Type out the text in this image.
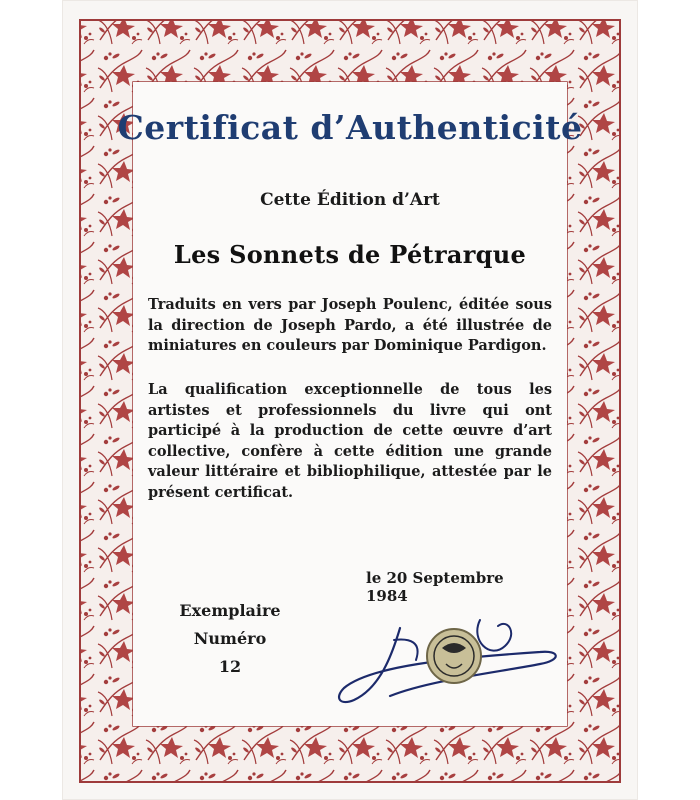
Certificat d’Authenticité
Cette Édition d’Art
Les Sonnets de Pétrarque
Traduits en vers par Joseph Poulenc, éditée sous la direction de Joseph Pardo, a été illustrée de miniatures en couleurs par Dominique Pardigon.
La qualification exceptionnelle de tous les artistes et professionnels du livre qui ont participé à la production de cette œuvre d’art collective, confère à cette édition une grande valeur littéraire et bibliophilique, attestée par le présent certificat.
le 20 Septembre 1984
Exemplaire
Numéro
12
